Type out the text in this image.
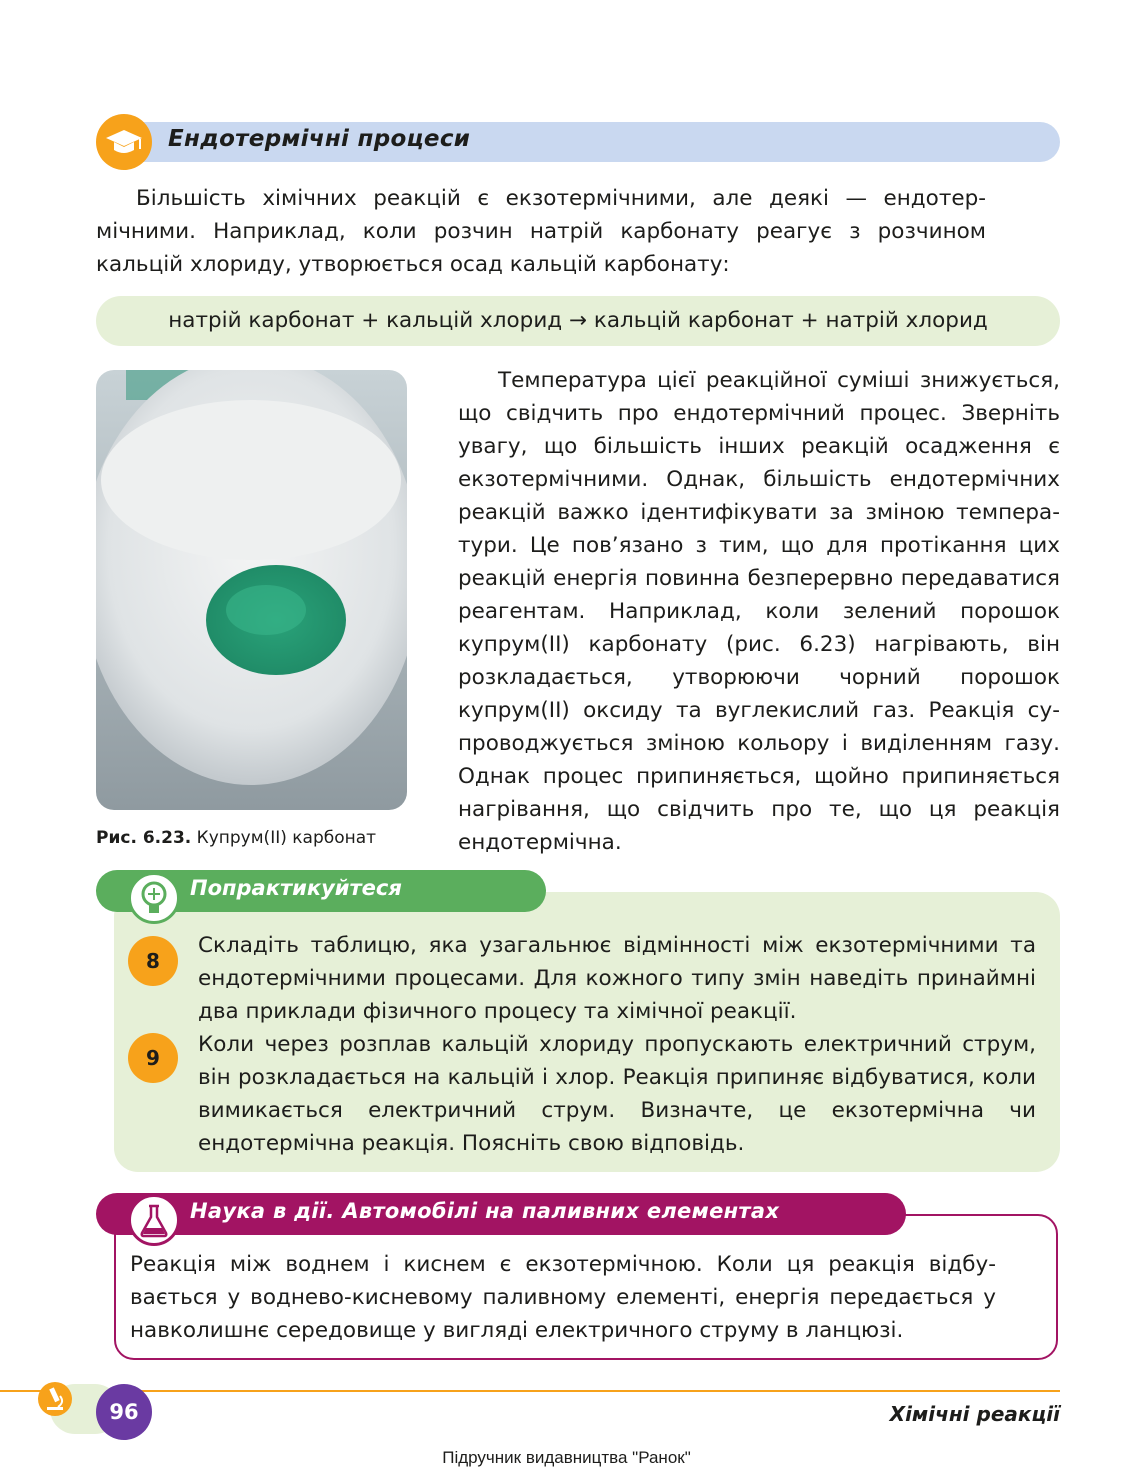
Ендотермічні процеси
Більшість хімічних реакцій є екзотермічними, але деякі — ендотермічними. Наприклад, коли розчин натрій карбонату реагує з розчином кальцій хлориду, утворюється осад кальцій карбонату:
натрій карбонат + кальцій хлорид → кальцій карбонат + натрій хлорид
Рис. 6.23. Купрум(II) карбонат
Температура цієї реакційної суміші знижується, що свідчить про ендотермічний процес. Зверніть увагу, що більшість інших реакцій осадження є екзотермічними. Однак, більшість ендотермічних реакцій важко ідентифікувати за зміною температури. Це пов’язано з тим, що для протікання цих реакцій енергія повинна безперервно передаватися реагентам. Наприклад, коли зелений порошок купрум(II) карбонату (рис. 6.23) нагрівають, він розкладається, утворюючи чорний порошок купрум(II) оксиду та вуглекислий газ. Реакція супроводжується зміною кольору і виділенням газу. Однак процес припиняється, щойно припиняється нагрівання, що свідчить про те, що ця реакція ендотермічна.
Попрактикуйтеся
8
Складіть таблицю, яка узагальнює відмінності між екзотермічними та ендотермічними процесами. Для кожного типу змін наведіть принаймні два приклади фізичного процесу та хімічної реакції.
9
Коли через розплав кальцій хлориду пропускають електричний струм, він розкладається на кальцій і хлор. Реакція припиняє відбуватися, коли вимикається електричний струм. Визначте, це екзотермічна чи ендотермічна реакція. Поясніть свою відповідь.
Наука в дії. Автомобілі на паливних елементах
Реакція між воднем і киснем є екзотермічною. Коли ця реакція відбувається у воднево-кисневому паливному елементі, енергія передається у навколишнє середовище у вигляді електричного струму в ланцюзі.
96	Хімічні реакції
Підручник видавництва "Ранок"
